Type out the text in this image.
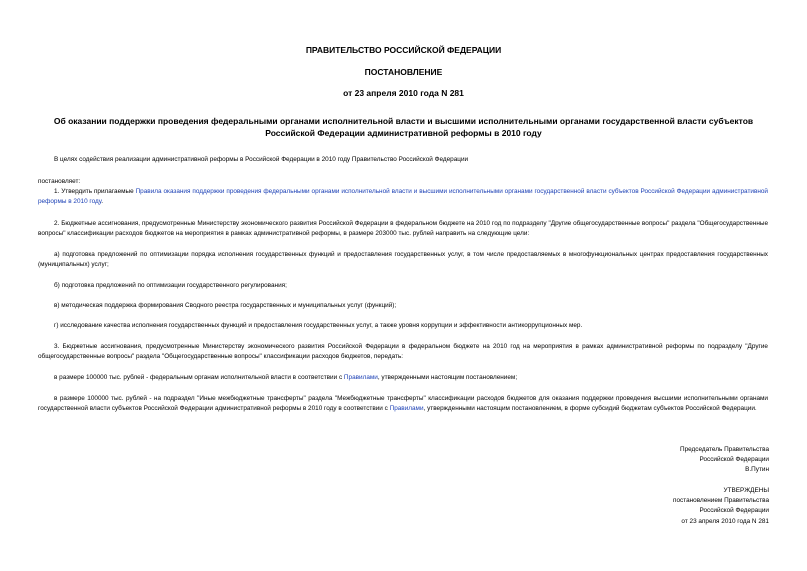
ПРАВИТЕЛЬСТВО РОССИЙСКОЙ ФЕДЕРАЦИИ
ПОСТАНОВЛЕНИЕ
от 23 апреля 2010 года N 281
Об оказании поддержки проведения федеральными органами исполнительной власти и высшими исполнительными органами государственной власти субъектов
Российской Федерации административной реформы в 2010 году
В целях содействия реализации административной реформы в Российской Федерации в 2010 году Правительство Российской Федерации
постановляет:
1. Утвердить прилагаемые Правила оказания поддержки проведения федеральными органами исполнительной власти и высшими исполнительными органами государственной власти субъектов Российской Федерации административной реформы в 2010 году.
2. Бюджетные ассигнования, предусмотренные Министерству экономического развития Российской Федерации в федеральном бюджете на 2010 год по подразделу "Другие общегосударственные вопросы" раздела "Общегосударственные вопросы" классификации расходов бюджетов на мероприятия в рамках административной реформы, в размере 203000 тыс. рублей направить на следующие цели:
а) подготовка предложений по оптимизации порядка исполнения государственных функций и предоставления государственных услуг, в том числе предоставляемых в многофункциональных центрах предоставления государственных (муниципальных) услуг;
б) подготовка предложений по оптимизации государственного регулирования;
в) методическая поддержка формирования Сводного реестра государственных и муниципальных услуг (функций);
г) исследование качества исполнения государственных функций и предоставления государственных услуг, а также уровня коррупции и эффективности антикоррупционных мер.
3. Бюджетные ассигнования, предусмотренные Министерству экономического развития Российской Федерации в федеральном бюджете на 2010 год на мероприятия в рамках административной реформы по подразделу "Другие общегосударственные вопросы" раздела "Общегосударственные вопросы" классификации расходов бюджетов, передать:
в размере 100000 тыс. рублей - федеральным органам исполнительной власти в соответствии с Правилами, утвержденными настоящим постановлением;
в размере 100000 тыс. рублей - на подраздел "Иные межбюджетные трансферты" раздела "Межбюджетные трансферты" классификации расходов бюджетов для оказания поддержки проведения высшими исполнительными органами государственной власти субъектов Российской Федерации административной реформы в 2010 году в соответствии с Правилами, утвержденными настоящим постановлением, в форме субсидий бюджетам субъектов Российской Федерации.
Председатель Правительства
Российской Федерации
В.Путин
УТВЕРЖДЕНЫ
постановлением Правительства
Российской Федерации
от 23 апреля 2010 года N 281
